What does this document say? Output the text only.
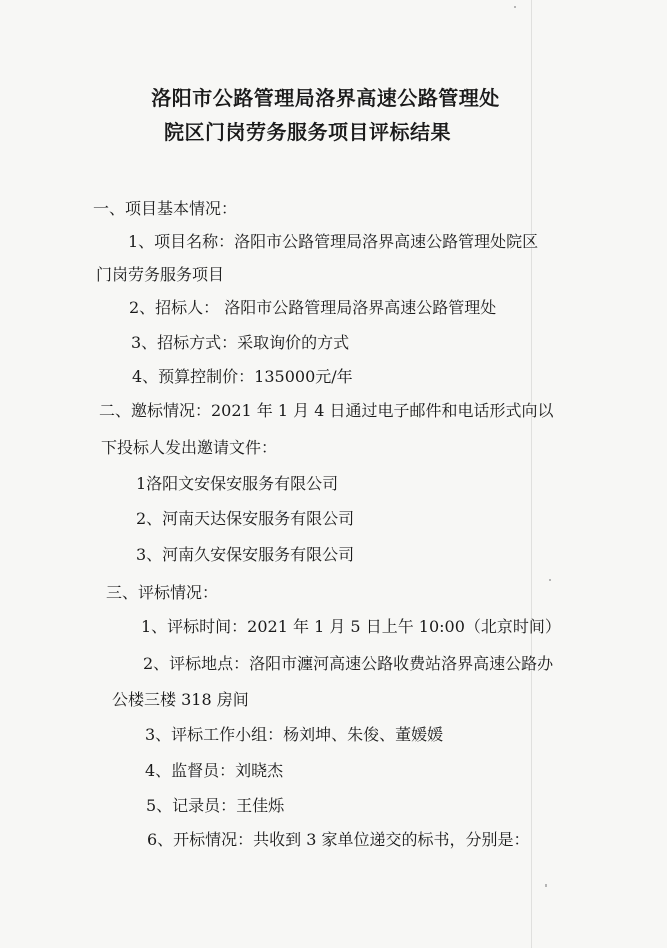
洛阳市公路管理局洛界高速公路管理处
院区门岗劳务服务项目评标结果
一、项目基本情况：
1、项目名称：洛阳市公路管理局洛界高速公路管理处院区
门岗劳务服务项目
2、招标人： 洛阳市公路管理局洛界高速公路管理处
3、招标方式：采取询价的方式
4、预算控制价：135000元/年
二、邀标情况：2021 年 1 月 4 日通过电子邮件和电话形式向以
下投标人发出邀请文件：
1洛阳文安保安服务有限公司
2、河南天达保安服务有限公司
3、河南久安保安服务有限公司
三、评标情况：
1、评标时间：2021 年 1 月 5 日上午 10:00（北京时间）
2、评标地点：洛阳市瀍河高速公路收费站洛界高速公路办
公楼三楼 318 房间
3、评标工作小组：杨刘坤、朱俊、董媛媛
4、监督员：刘晓杰
5、记录员：王佳烁
6、开标情况：共收到 3 家单位递交的标书，分别是：
